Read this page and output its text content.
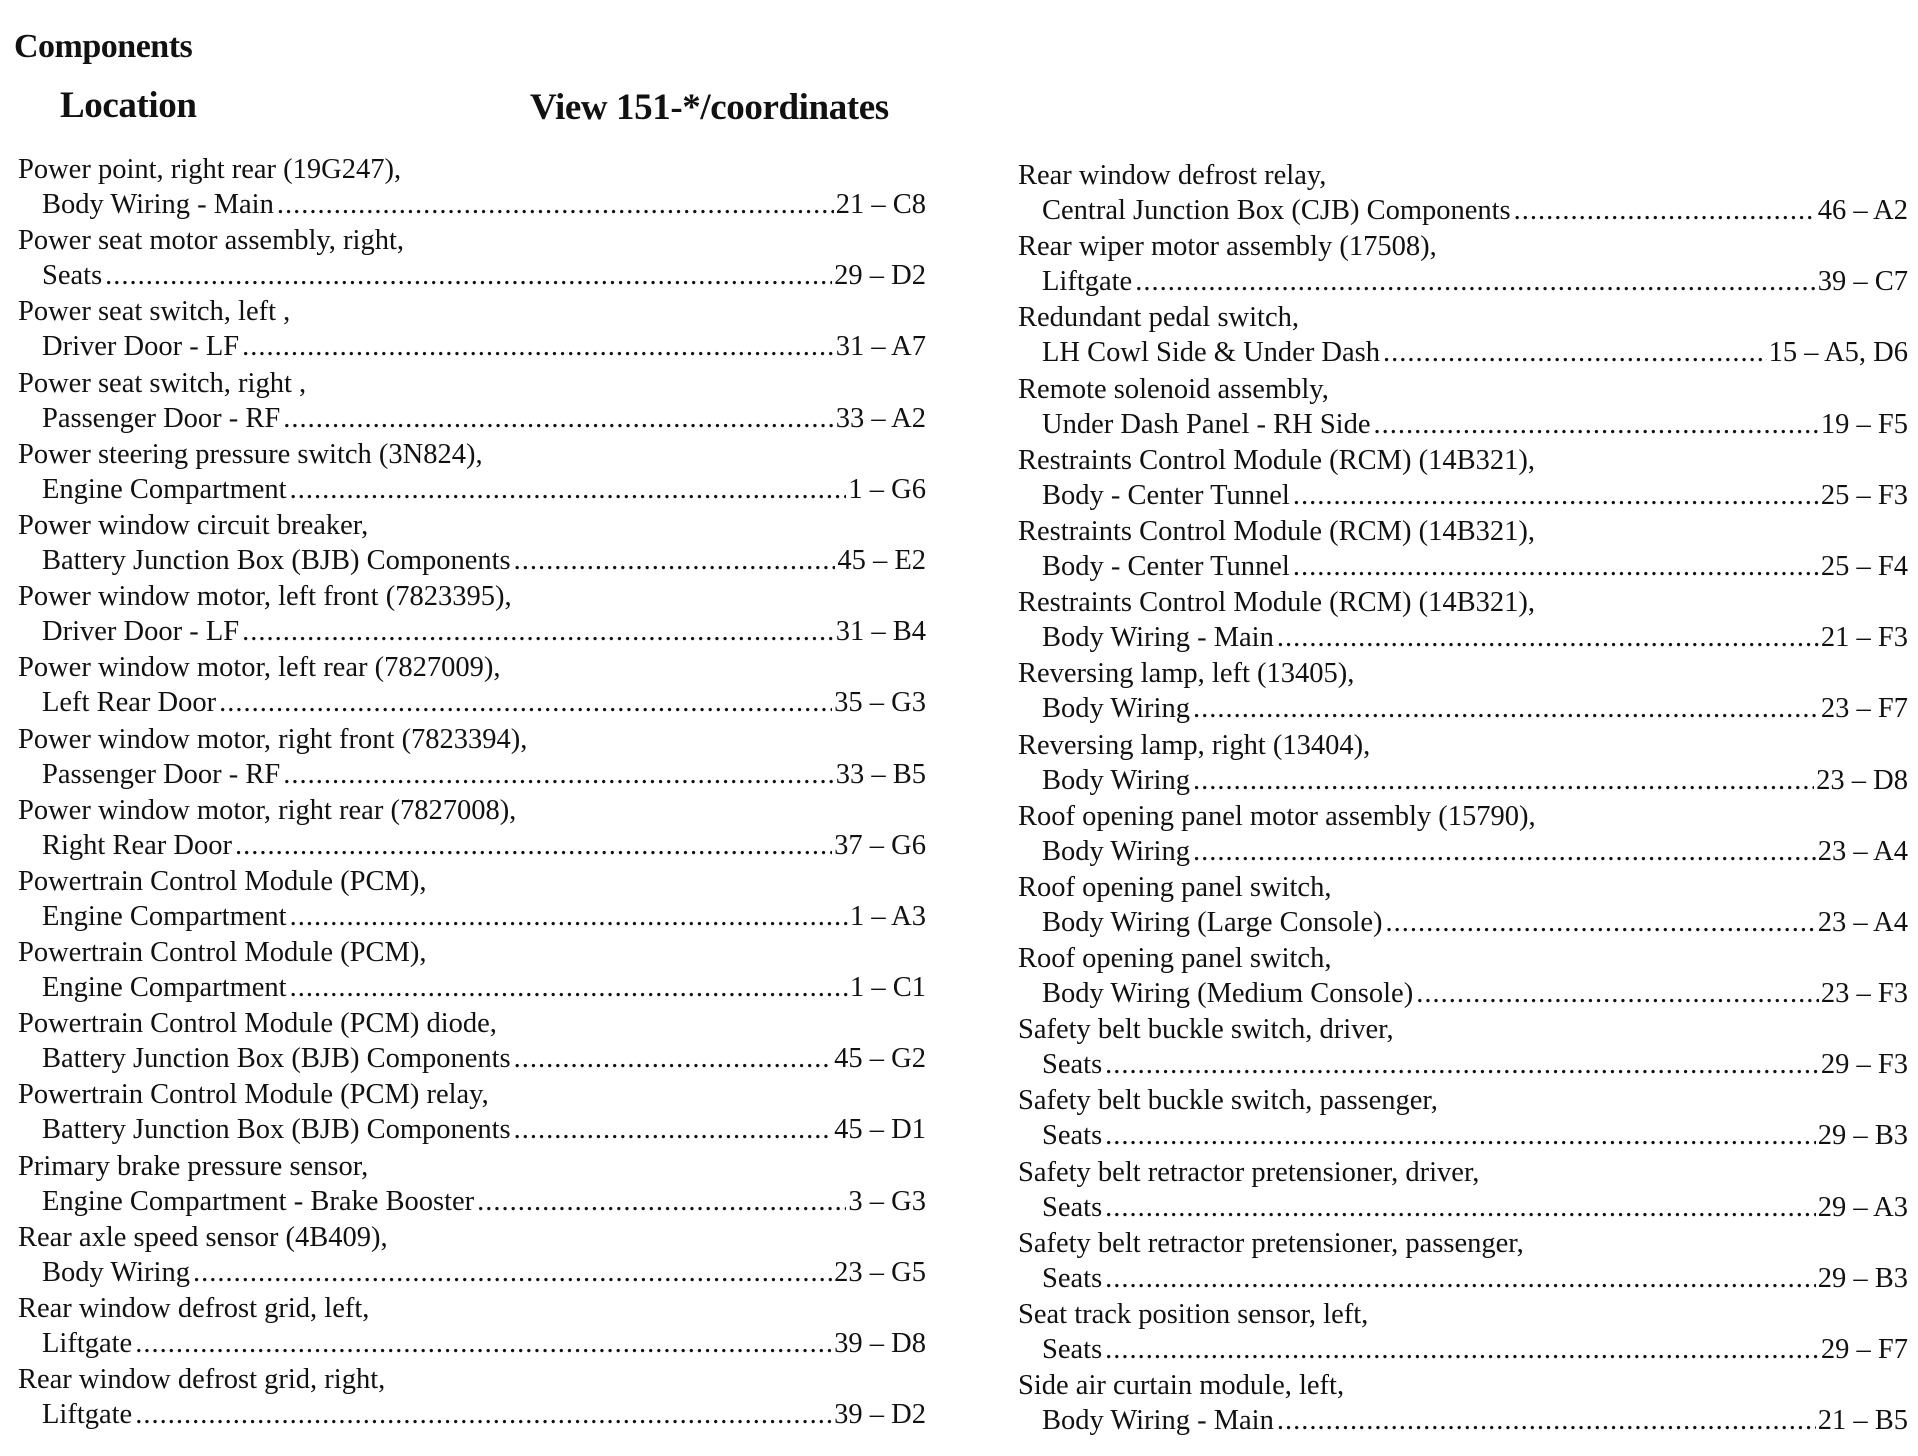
Components
Location	View 151-*/coordinates
Power point, right rear (19G247),
Body Wiring - Main .....	21 – C8
Power seat motor assembly, right,
Seats .....	29 – D2
Power seat switch, left ,
Driver Door - LF .....	31 – A7
Power seat switch, right ,
Passenger Door - RF .....	33 – A2
Power steering pressure switch (3N824),
Engine Compartment .....	1 – G6
Power window circuit breaker,
Battery Junction Box (BJB) Components .....	45 – E2
Power window motor, left front (7823395),
Driver Door - LF .....	31 – B4
Power window motor, left rear (7827009),
Left Rear Door .....	35 – G3
Power window motor, right front (7823394),
Passenger Door - RF .....	33 – B5
Power window motor, right rear (7827008),
Right Rear Door .....	37 – G6
Powertrain Control Module (PCM),
Engine Compartment .....	1 – A3
Powertrain Control Module (PCM),
Engine Compartment .....	1 – C1
Powertrain Control Module (PCM) diode,
Battery Junction Box (BJB) Components .....	45 – G2
Powertrain Control Module (PCM) relay,
Battery Junction Box (BJB) Components .....	45 – D1
Primary brake pressure sensor,
Engine Compartment - Brake Booster .....	3 – G3
Rear axle speed sensor (4B409),
Body Wiring .....	23 – G5
Rear window defrost grid, left,
Liftgate .....	39 – D8
Rear window defrost grid, right,
Liftgate .....	39 – D2
Rear window defrost relay,
Central Junction Box (CJB) Components .....	46 – A2
Rear wiper motor assembly (17508),
Liftgate .....	39 – C7
Redundant pedal switch,
LH Cowl Side & Under Dash .....	15 – A5, D6
Remote solenoid assembly,
Under Dash Panel - RH Side .....	19 – F5
Restraints Control Module (RCM) (14B321),
Body - Center Tunnel .....	25 – F3
Restraints Control Module (RCM) (14B321),
Body - Center Tunnel .....	25 – F4
Restraints Control Module (RCM) (14B321),
Body Wiring - Main .....	21 – F3
Reversing lamp, left (13405),
Body Wiring .....	23 – F7
Reversing lamp, right (13404),
Body Wiring .....	23 – D8
Roof opening panel motor assembly (15790),
Body Wiring .....	23 – A4
Roof opening panel switch,
Body Wiring (Large Console) .....	23 – A4
Roof opening panel switch,
Body Wiring (Medium Console) .....	23 – F3
Safety belt buckle switch, driver,
Seats .....	29 – F3
Safety belt buckle switch, passenger,
Seats .....	29 – B3
Safety belt retractor pretensioner, driver,
Seats .....	29 – A3
Safety belt retractor pretensioner, passenger,
Seats .....	29 – B3
Seat track position sensor, left,
Seats .....	29 – F7
Side air curtain module, left,
Body Wiring - Main .....	21 – B5
